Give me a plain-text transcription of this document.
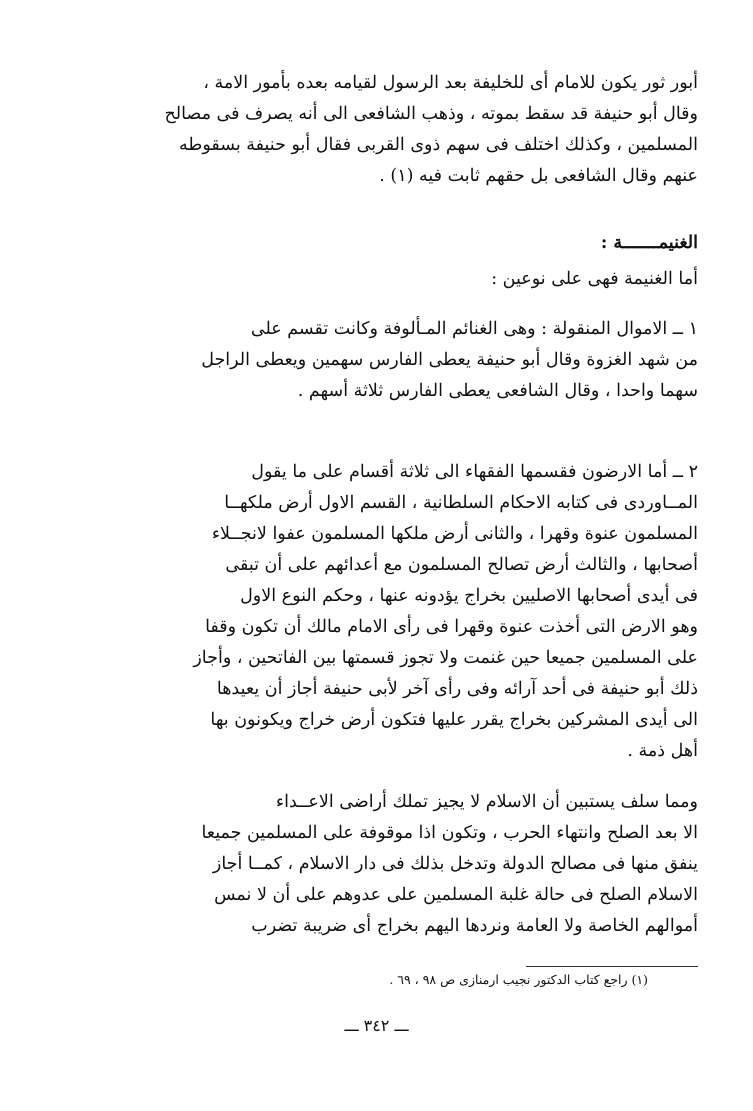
أبور ثور يكون للامام أى للخليفة بعد الرسول لقيامه بعده بأمور الامة ،
وقال أبو حنيفة قد سقط بموته ، وذهب الشافعى الى أنه يصرف فى مصالح
المسلمين ، وكذلك اختلف فى سهم ذوى القربى فقال أبو حنيفة بسقوطه
عنهم وقال الشافعى بل حقهم ثابت فيه (١) .
الغنيمـــــــة :
أما الغنيمة فهى على نوعين :
١ ــ الاموال المنقولة : وهى الغنائم المـألوفة وكانت تقسم على
من شهد الغزوة وقال أبو حنيفة يعطى الفارس سهمين ويعطى الراجل
سهما واحدا ، وقال الشافعى يعطى الفارس ثلاثة أسهم .
٢ ــ أما الارضون فقسمها الفقهاء الى ثلاثة أقسام على ما يقول
المــاوردى فى كتابه الاحكام السلطانية ، القسم الاول أرض ملكهــا
المسلمون عنوة وقهرا ، والثانى أرض ملكها المسلمون عفوا لانجــلاء
أصحابها ، والثالث أرض تصالح المسلمون مع أعدائهم على أن تبقى
فى أيدى أصحابها الاصليين بخراج يؤدونه عنها ، وحكم النوع الاول
وهو الارض التى أخذت عنوة وقهرا فى رأى الامام مالك أن تكون وقفا
على المسلمين جميعا حين غنمت ولا تجوز قسمتها بين الفاتحين ، وأجاز
ذلك أبو حنيفة فى أحد آرائه وفى رأى آخر لأبى حنيفة أجاز أن يعيدها
الى أيدى المشركين بخراج يقرر عليها فتكون أرض خراج ويكونون بها
أهل ذمة .
ومما سلف يستبين أن الاسلام لا يجيز تملك أراضى الاعــداء
الا بعد الصلح وانتهاء الحرب ، وتكون اذا موقوفة على المسلمين جميعا
ينفق منها فى مصالح الدولة وتدخل بذلك فى دار الاسلام ، كمــا أجاز
الاسلام الصلح فى حالة غلبة المسلمين على عدوهم على أن لا نمس
أموالهم الخاصة ولا العامة ونردها اليهم بخراج أى ضريبة تضرب
(١) راجع كتاب الدكتور نجيب ارمنازى ص ٩٨ ، ٦٩ .
ـــ ٣٤٢ ـــ
